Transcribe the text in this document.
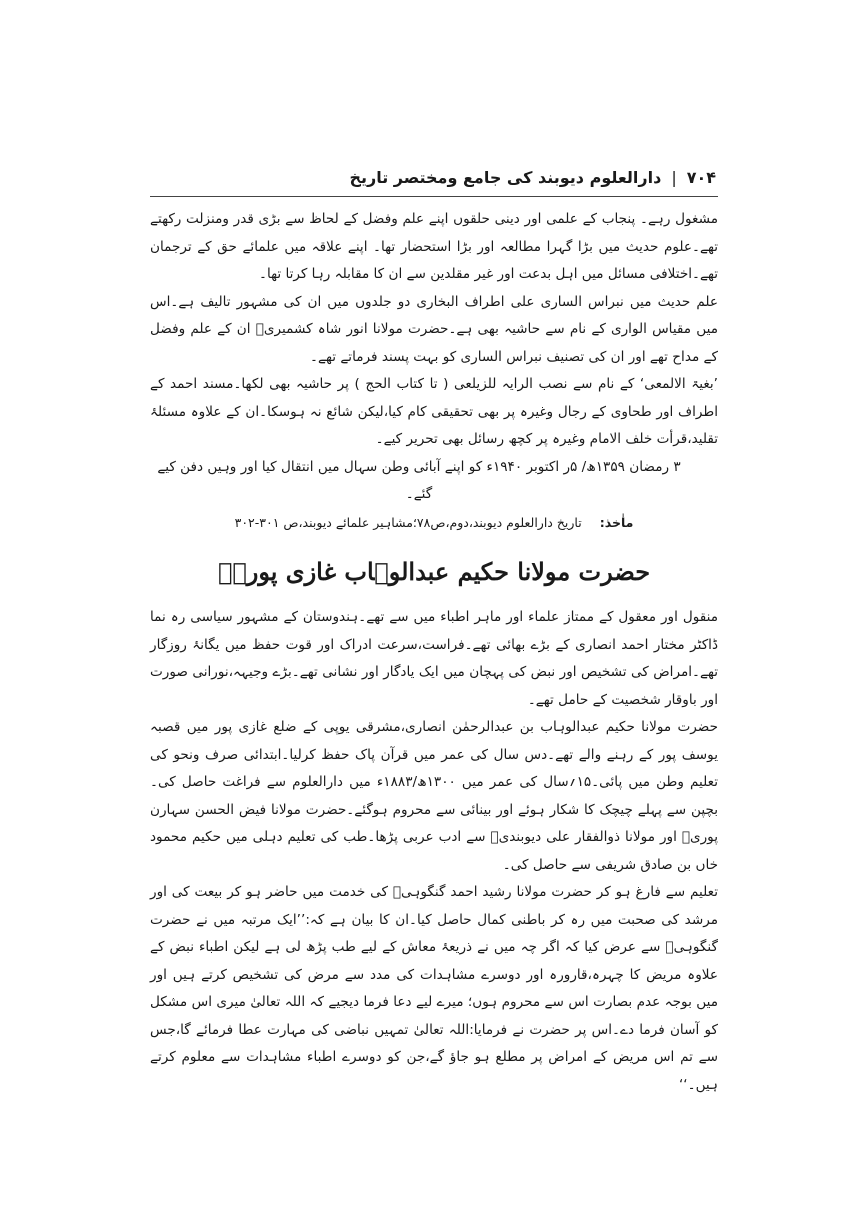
۷۰۴
|
دارالعلوم دیوبند کی جامع ومختصر تاریخ

مشغول رہے۔ پنجاب کے علمی اور دینی حلقوں اپنے علم وفضل کے لحاظ سے بڑی قدر ومنزلت رکھتے تھے۔علوم حدیث میں بڑا گہرا مطالعہ اور بڑا استحضار تھا۔ اپنے علاقہ میں علمائے حق کے ترجمان تھے۔اختلافی مسائل میں اہل بدعت اور غیر مقلدین سے ان کا مقابلہ رہا کرتا تھا۔

علم حدیث میں نبراس الساری علی اطراف البخاری دو جلدوں میں ان کی مشہور تالیف ہے۔اس میں مقیاس الواری کے نام سے حاشیہ بھی ہے۔حضرت مولانا انور شاہ کشمیریؒ ان کے علم وفضل کے مداح تھے اور ان کی تصنیف نبراس الساری کو بہت پسند فرماتے تھے۔

’بغیۃ الالمعی‘ کے نام سے نصب الرایہ للزیلعی ( تا کتاب الحج ) پر حاشیہ بھی لکھا۔مسند احمد کے اطراف اور طحاوی کے رجال وغیرہ پر بھی تحقیقی کام کیا،لیکن شائع نہ ہوسکا۔ان کے علاوہ مسئلۂ تقلید،قرأت خلف الامام وغیرہ پر کچھ رسائل بھی تحریر کیے۔

۳ رمضان ۱۳۵۹ھ/ ۵ر اکتوبر ۱۹۴۰ء کو اپنے آبائی وطن سہال میں انتقال کیا اور وہیں دفن کیے گئے۔

ماٰخذ:
تاریخ دارالعلوم دیوبند،دوم،ص۷۸؛مشاہیر علمائے دیوبند،ص ۳۰۱-۳۰۲
حضرت مولانا حکیم عبدالوہاب غازی پوریؒ

منقول اور معقول کے ممتاز علماء اور ماہر اطباء میں سے تھے۔ہندوستان کے مشہور سیاسی رہ نما ڈاکٹر مختار احمد انصاری کے بڑے بھائی تھے۔فراست،سرعت ادراک اور قوت حفظ میں یگانۂ روزگار تھے۔امراض کی تشخیص اور نبض کی پہچان میں ایک یادگار اور نشانی تھے۔بڑے وجیہہ،نورانی صورت اور باوقار شخصیت کے حامل تھے۔

حضرت مولانا حکیم عبدالوہاب بن عبدالرحمٰن انصاری،مشرقی یوپی کے ضلع غازی پور میں قصبہ یوسف پور کے رہنے والے تھے۔دس سال کی عمر میں قرآن پاک حفظ کرلیا۔ابتدائی صرف ونحو کی تعلیم وطن میں پائی۔۱۵؍سال کی عمر میں ۱۳۰۰ھ/۱۸۸۳ء میں دارالعلوم سے فراغت حاصل کی۔بچپن سے پہلے چیچک کا شکار ہوئے اور بینائی سے محروم ہوگئے۔حضرت مولانا فیض الحسن سہارن پوریؒ اور مولانا ذوالفقار علی دیوبندیؒ سے ادب عربی پڑھا۔طب کی تعلیم دہلی میں حکیم محمود خاں بن صادق شریفی سے حاصل کی۔

تعلیم سے فارغ ہو کر حضرت مولانا رشید احمد گنگوہیؒ کی خدمت میں حاضر ہو کر بیعت کی اور مرشد کی صحبت میں رہ کر باطنی کمال حاصل کیا۔ان کا بیان ہے کہ:’’ایک مرتبہ میں نے حضرت گنگوہیؒ سے عرض کیا کہ اگر چہ میں نے ذریعۂ معاش کے لیے طب پڑھ لی ہے لیکن اطباء نبض کے علاوہ مریض کا چہرہ،قارورہ اور دوسرے مشاہدات کی مدد سے مرض کی تشخیص کرتے ہیں اور میں بوجہ عدم بصارت اس سے محروم ہوں؛ میرے لیے دعا فرما دیجیے کہ اللہ تعالیٰ میری اس مشکل کو آسان فرما دے۔اس پر حضرت نے فرمایا:اللہ تعالیٰ تمہیں نباضی کی مہارت عطا فرمائے گا،جس سے تم اس مریض کے امراض پر مطلع ہو جاؤ گے،جن کو دوسرے اطباء مشاہدات سے معلوم کرتے ہیں۔‘‘
